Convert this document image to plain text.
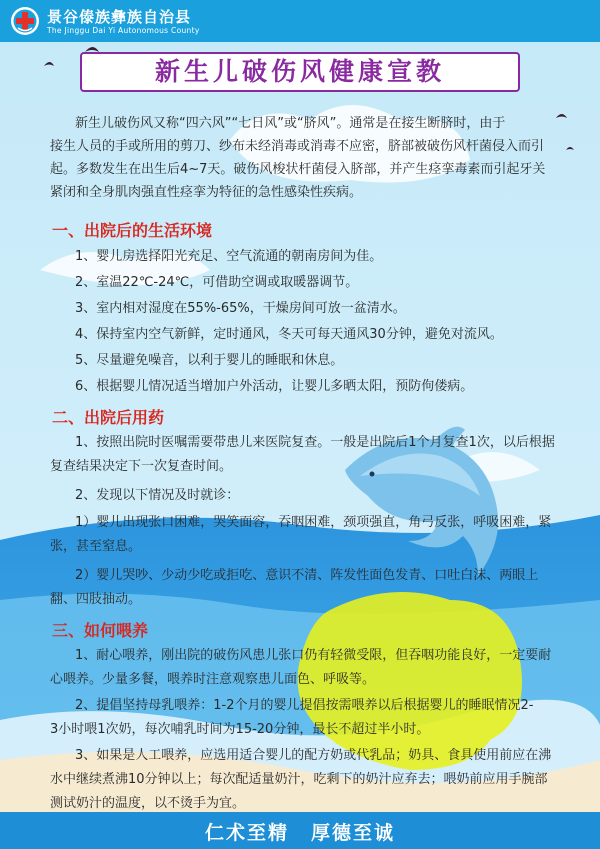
景谷傣族彝族自治县
The Jinggu Dai Yi Autonomous County
新生儿破伤风健康宣教

新生儿破伤风又称“四六风”“七日风”或“脐风”。通常是在接生断脐时，由于

接生人员的手或所用的剪刀、纱布未经消毒或消毒不应密，脐部被破伤风杆菌侵入而引

起。多数发生在出生后4~7天。破伤风梭状杆菌侵入脐部，并产生痉挛毒素而引起牙关

紧闭和全身肌肉强直性痉挛为特征的急性感染性疾病。

一、出院后的生活环境

1、婴儿房选择阳光充足、空气流通的朝南房间为佳。

2、室温22℃-24℃，可借助空调或取暖器调节。

3、室内相对湿度在55%-65%，干燥房间可放一盆清水。

4、保持室内空气新鲜，定时通风，冬天可每天通风30分钟，避免对流风。

5、尽量避免噪音，以利于婴儿的睡眠和休息。

6、根据婴儿情况适当增加户外活动，让婴儿多晒太阳，预防佝偻病。

二、出院后用药

1、按照出院时医嘱需要带患儿来医院复查。一般是出院后1个月复查1次，以后根据

复查结果决定下一次复查时间。

2、发现以下情况及时就诊：

1）婴儿出现张口困难，哭笑面容，吞咽困难，颈项强直，角弓反张，呼吸困难，紧

张，甚至窒息。

2）婴儿哭吵、少动少吃或拒吃、意识不清、阵发性面色发青、口吐白沫、两眼上

翻、四肢抽动。

三、如何喂养

1、耐心喂养，刚出院的破伤风患儿张口仍有轻微受限，但吞咽功能良好，一定要耐

心喂养。少量多餐，喂养时注意观察患儿面色、呼吸等。

2、提倡坚持母乳喂养：1-2个月的婴儿提倡按需喂养以后根据婴儿的睡眠情况2-

3小时喂1次奶，每次哺乳时间为15-20分钟，最长不超过半小时。

3、如果是人工喂养，应选用适合婴儿的配方奶或代乳品；奶具、食具使用前应在沸

水中继续煮沸10分钟以上；每次配适量奶汁，吃剩下的奶汁应弃去；喂奶前应用手腕部

测试奶汁的温度，以不烫手为宜。

仁术至精 厚德至诚
